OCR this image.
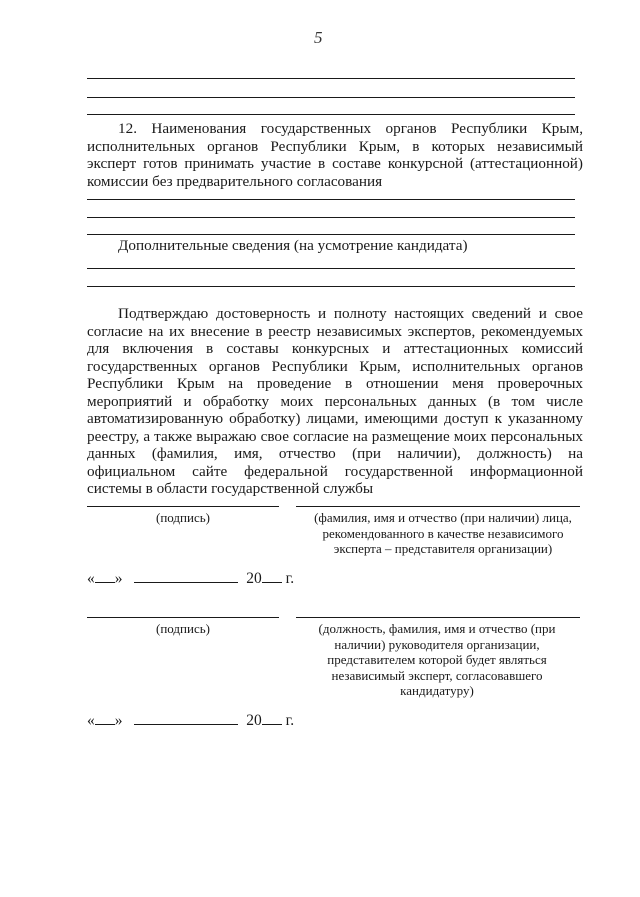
5

12. Наименования государственных органов Республики Крым, исполнительных органов Республики Крым, в которых независимый эксперт готов принимать участие в составе конкурсной (аттестационной) комиссии без предварительного согласования

Дополнительные сведения (на усмотрение кандидата)

Подтверждаю достоверность и полноту настоящих сведений и свое согласие на их внесение в реестр независимых экспертов, рекомендуемых для включения в составы конкурсных и аттестационных комиссий государственных органов Республики Крым, исполнительных органов Республики Крым на проведение в отношении меня проверочных мероприятий и обработку моих персональных данных (в том числе автоматизированную обработку) лицами, имеющими доступ к указанному реестру, а также выражаю свое согласие на размещение моих персональных данных (фамилия, имя, отчество (при наличии), должность) на официальном сайте федеральной государственной информационной системы в области государственной службы

(подпись)	(фамилия, имя и отчество (при наличии) лица, рекомендованного в качестве независимого эксперта – представителя организации)

« »	20 г.

(подпись)	(должность, фамилия, имя и отчество (при наличии) руководителя организации, представителем которой будет являться независимый эксперт, согласовавшего кандидатуру)

« »	20 г.
